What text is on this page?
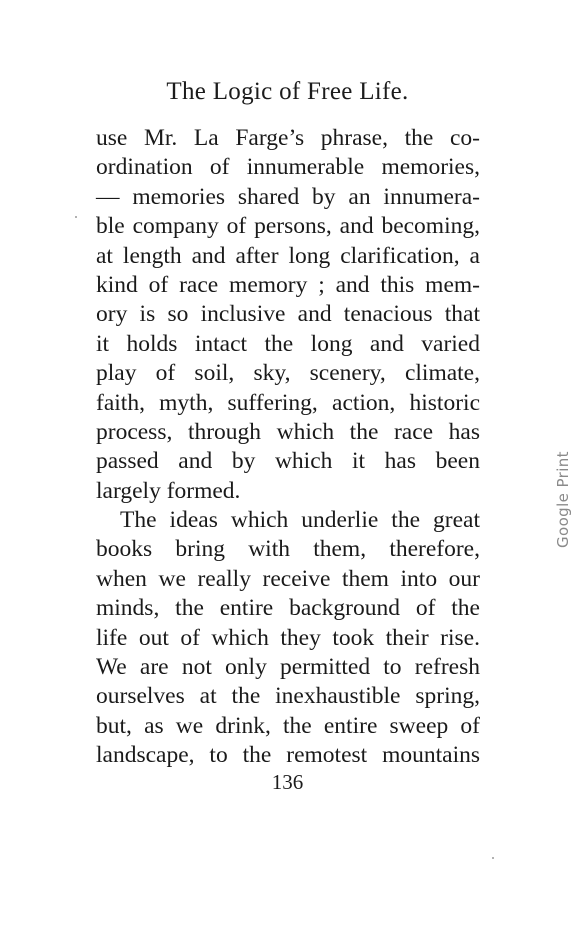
The Logic of Free Life.
use Mr. La Farge’s phrase, the co-
ordination of innumerable memories,
— memories shared by an innumera-
ble company of persons, and becoming,
at length and after long clarification, a
kind of race memory ; and this mem-
ory is so inclusive and tenacious that
it holds intact the long and varied
play of soil, sky, scenery, climate,
faith, myth, suffering, action, historic
process, through which the race has
passed and by which it has been
largely formed.
The ideas which underlie the great
books bring with them, therefore,
when we really receive them into our
minds, the entire background of the
life out of which they took their rise.
We are not only permitted to refresh
ourselves at the inexhaustible spring,
but, as we drink, the entire sweep of
landscape, to the remotest mountains
136
Google Print
